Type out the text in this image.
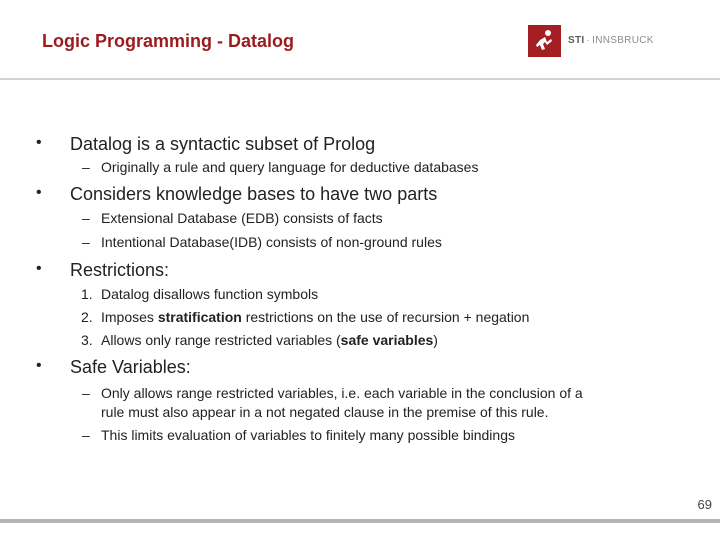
Logic Programming - Datalog	STI · INNSBRUCK
• Datalog is a syntactic subset of Prolog
– Originally a rule and query language for deductive databases
• Considers knowledge bases to have two parts
– Extensional Database (EDB) consists of facts
– Intentional Database(IDB) consists of non-ground rules
• Restrictions:
1. Datalog disallows function symbols
2. Imposes stratification restrictions on the use of recursion + negation
3. Allows only range restricted variables (safe variables)
• Safe Variables:
– Only allows range restricted variables, i.e. each variable in the conclusion of a
rule must also appear in a not negated clause in the premise of this rule.
– This limits evaluation of variables to finitely many possible bindings
69
